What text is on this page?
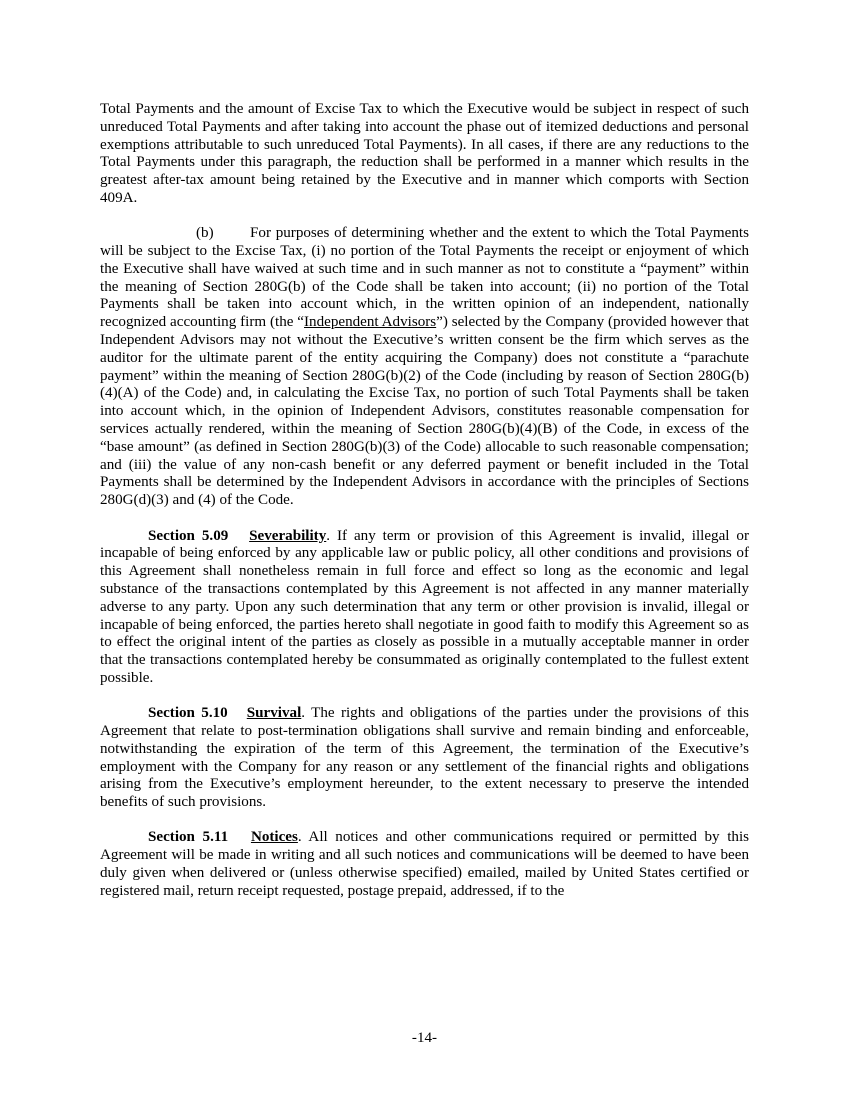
Total Payments and the amount of Excise Tax to which the Executive would be subject in respect of such unreduced Total Payments and after taking into account the phase out of itemized deductions and personal exemptions attributable to such unreduced Total Payments). In all cases, if there are any reductions to the Total Payments under this paragraph, the reduction shall be performed in a manner which results in the greatest after-tax amount being retained by the Executive and in manner which comports with Section 409A.

(b) For purposes of determining whether and the extent to which the Total Payments will be subject to the Excise Tax, (i) no portion of the Total Payments the receipt or enjoyment of which the Executive shall have waived at such time and in such manner as not to constitute a “payment” within the meaning of Section 280G(b) of the Code shall be taken into account; (ii) no portion of the Total Payments shall be taken into account which, in the written opinion of an independent, nationally recognized accounting firm (the “Independent Advisors”) selected by the Company (provided however that Independent Advisors may not without the Executive’s written consent be the firm which serves as the auditor for the ultimate parent of the entity acquiring the Company) does not constitute a “parachute payment” within the meaning of Section 280G(b)(2) of the Code (including by reason of Section 280G(b)(4)(A) of the Code) and, in calculating the Excise Tax, no portion of such Total Payments shall be taken into account which, in the opinion of Independent Advisors, constitutes reasonable compensation for services actually rendered, within the meaning of Section 280G(b)(4)(B) of the Code, in excess of the “base amount” (as defined in Section 280G(b)(3) of the Code) allocable to such reasonable compensation; and (iii) the value of any non-cash benefit or any deferred payment or benefit included in the Total Payments shall be determined by the Independent Advisors in accordance with the principles of Sections 280G(d)(3) and (4) of the Code.

Section 5.09 Severability. If any term or provision of this Agreement is invalid, illegal or incapable of being enforced by any applicable law or public policy, all other conditions and provisions of this Agreement shall nonetheless remain in full force and effect so long as the economic and legal substance of the transactions contemplated by this Agreement is not affected in any manner materially adverse to any party. Upon any such determination that any term or other provision is invalid, illegal or incapable of being enforced, the parties hereto shall negotiate in good faith to modify this Agreement so as to effect the original intent of the parties as closely as possible in a mutually acceptable manner in order that the transactions contemplated hereby be consummated as originally contemplated to the fullest extent possible.

Section 5.10 Survival. The rights and obligations of the parties under the provisions of this Agreement that relate to post-termination obligations shall survive and remain binding and enforceable, notwithstanding the expiration of the term of this Agreement, the termination of the Executive’s employment with the Company for any reason or any settlement of the financial rights and obligations arising from the Executive’s employment hereunder, to the extent necessary to preserve the intended benefits of such provisions.

Section 5.11 Notices. All notices and other communications required or permitted by this Agreement will be made in writing and all such notices and communications will be deemed to have been duly given when delivered or (unless otherwise specified) emailed, mailed by United States certified or registered mail, return receipt requested, postage prepaid, addressed, if to the

-14-
